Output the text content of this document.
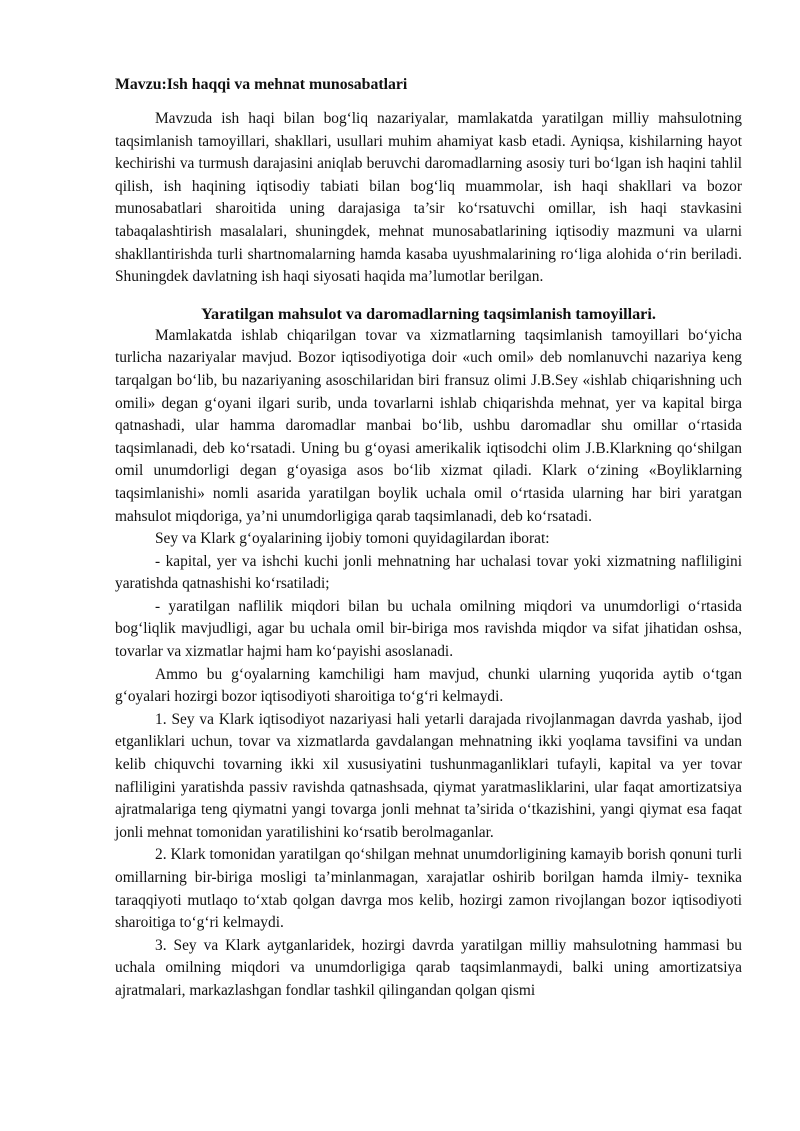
Mavzu:Ish haqqi va mehnat munosabatlari

Mavzuda ish haqi bilan bog‘liq nazariyalar, mamlakatda yaratilgan milliy mahsulotning taqsimlanish tamoyillari, shakllari, usullari muhim ahamiyat kasb etadi. Ayniqsa, kishilarning hayot kechirishi va turmush darajasini aniqlab beruvchi daromadlarning asosiy turi bo‘lgan ish haqini tahlil qilish, ish haqining iqtisodiy tabiati bilan bog‘liq muammolar, ish haqi shakllari va bozor munosabatlari sharoitida uning darajasiga ta’sir ko‘rsatuvchi omillar, ish haqi stavkasini tabaqalashtirish masalalari, shuningdek, mehnat munosabatlarining iqtisodiy mazmuni va ularni shakllantirishda turli shartnomalarning hamda kasaba uyushmalarining ro‘liga alohida o‘rin beriladi. Shuningdek davlatning ish haqi siyosati haqida ma’lumotlar berilgan.

Yaratilgan mahsulot va daromadlarning taqsimlanish tamoyillari.

Mamlakatda ishlab chiqarilgan tovar va xizmatlarning taqsimlanish tamoyillari bo‘yicha turlicha nazariyalar mavjud. Bozor iqtisodiyotiga doir «uch omil» deb nomlanuvchi nazariya keng tarqalgan bo‘lib, bu nazariyaning asoschilaridan biri fransuz olimi J.B.Sey «ishlab chiqarishning uch omili» degan g‘oyani ilgari surib, unda tovarlarni ishlab chiqarishda mehnat, yer va kapital birga qatnashadi, ular hamma daromadlar manbai bo‘lib, ushbu daromadlar shu omillar o‘rtasida taqsimlanadi, deb ko‘rsatadi. Uning bu g‘oyasi amerikalik iqtisodchi olim J.B.Klarkning qo‘shilgan omil unumdorligi degan g‘oyasiga asos bo‘lib xizmat qiladi. Klark o‘zining «Boyliklarning taqsimlanishi» nomli asarida yaratilgan boylik uchala omil o‘rtasida ularning har biri yaratgan mahsulot miqdoriga, ya’ni unumdorligiga qarab taqsimlanadi, deb ko‘rsatadi.

Sey va Klark g‘oyalarining ijobiy tomoni quyidagilardan iborat:

- kapital, yer va ishchi kuchi jonli mehnatning har uchalasi tovar yoki xizmatning nafliligini yaratishda qatnashishi ko‘rsatiladi;

- yaratilgan naflilik miqdori bilan bu uchala omilning miqdori va unumdorligi o‘rtasida bog‘liqlik mavjudligi, agar bu uchala omil bir-biriga mos ravishda miqdor va sifat jihatidan oshsa, tovarlar va xizmatlar hajmi ham ko‘payishi asoslanadi.

Ammo bu g‘oyalarning kamchiligi ham mavjud, chunki ularning yuqorida aytib o‘tgan g‘oyalari hozirgi bozor iqtisodiyoti sharoitiga to‘g‘ri kelmaydi.

1. Sey va Klark iqtisodiyot nazariyasi hali yetarli darajada rivojlanmagan davrda yashab, ijod etganliklari uchun, tovar va xizmatlarda gavdalangan mehnatning ikki yoqlama tavsifini va undan kelib chiquvchi tovarning ikki xil xususiyatini tushunmaganliklari tufayli, kapital va yer tovar nafliligini yaratishda passiv ravishda qatnashsada, qiymat yaratmasliklarini, ular faqat amortizatsiya ajratmalariga teng qiymatni yangi tovarga jonli mehnat ta’sirida o‘tkazishini, yangi qiymat esa faqat jonli mehnat tomonidan yaratilishini ko‘rsatib berolmaganlar.

2. Klark tomonidan yaratilgan qo‘shilgan mehnat unumdorligining kamayib borish qonuni turli omillarning bir-biriga mosligi ta’minlanmagan, xarajatlar oshirib borilgan hamda ilmiy- texnika taraqqiyoti mutlaqo to‘xtab qolgan davrga mos kelib, hozirgi zamon rivojlangan bozor iqtisodiyoti sharoitiga to‘g‘ri kelmaydi.

3. Sey va Klark aytganlaridek, hozirgi davrda yaratilgan milliy mahsulotning hammasi bu uchala omilning miqdori va unumdorligiga qarab taqsimlanmaydi, balki uning amortizatsiya ajratmalari, markazlashgan fondlar tashkil qilingandan qolgan qismi
